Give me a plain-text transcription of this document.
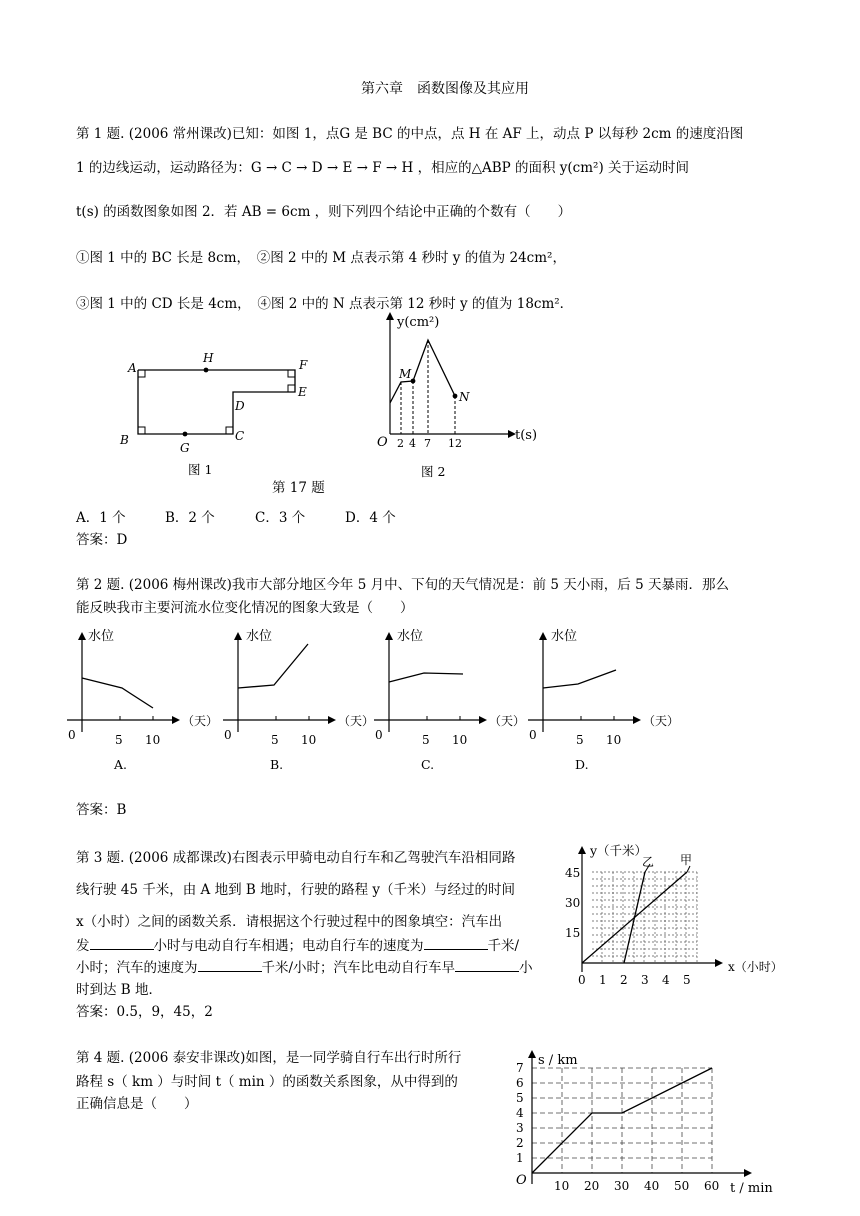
第六章　函数图像及其应用
第 1 题. (2006 常州课改)已知：如图 1，点G 是 BC 的中点，点 H 在 AF 上，动点 P 以每秒 2cm 的速度沿图
1 的边线运动，运动路径为：G → C → D → E → F → H ，相应的△ABP 的面积 y(cm²) 关于运动时间
t(s) 的函数图象如图 2．若 AB = 6cm ，则下列四个结论中正确的个数有（　　）
①图 1 中的 BC 长是 8cm，　②图 2 中的 M 点表示第 4 秒时 y 的值为 24cm²，
③图 1 中的 CD 长是 4cm，　④图 2 中的 N 点表示第 12 秒时 y 的值为 18cm²．
A
H	F
E
D
B
G
C
图 1
y(cm²)
t(s)
O 2 4 7 12
M
N
图 2
第 17 题
A．1 个	B．2 个	C．3 个	D．4 个
答案：D
第 2 题. (2006 梅州课改)我市大部分地区今年 5 月中、下旬的天气情况是：前 5 天小雨，后 5 天暴雨．那么
能反映我市主要河流水位变化情况的图象大致是（　　）
水位
（天）
0	5 10
A.
水位
（天）
0	5 10
B.
水位
（天）
0	5 10
C.
水位
（天）
0	5 10
D.
答案：B
第 3 题. (2006 成都课改)右图表示甲骑电动自行车和乙驾驶汽车沿相同路
线行驶 45 千米，由 A 地到 B 地时，行驶的路程 y（千米）与经过的时间
x（小时）之间的函数关系．请根据这个行驶过程中的图象填空：汽车出
发	小时与电动自行车相遇；电动自行车的速度为	千米/
小时；汽车的速度为	千米/小时；汽车比电动自行车早	小
时到达 B 地．
答案：0.5，9，45，2
y（千米）
x（小时）
15
30
45
0 1 2 3 4 5
乙 甲
第 4 题. (2006 泰安非课改)如图，是一同学骑自行车出行时所行
路程 s（ km ）与时间 t（ min ）的函数关系图象，从中得到的
正确信息是（　　）
s / km
t / min
O
1
2
3
4
5
6
7
10 20 30 40 50 60
